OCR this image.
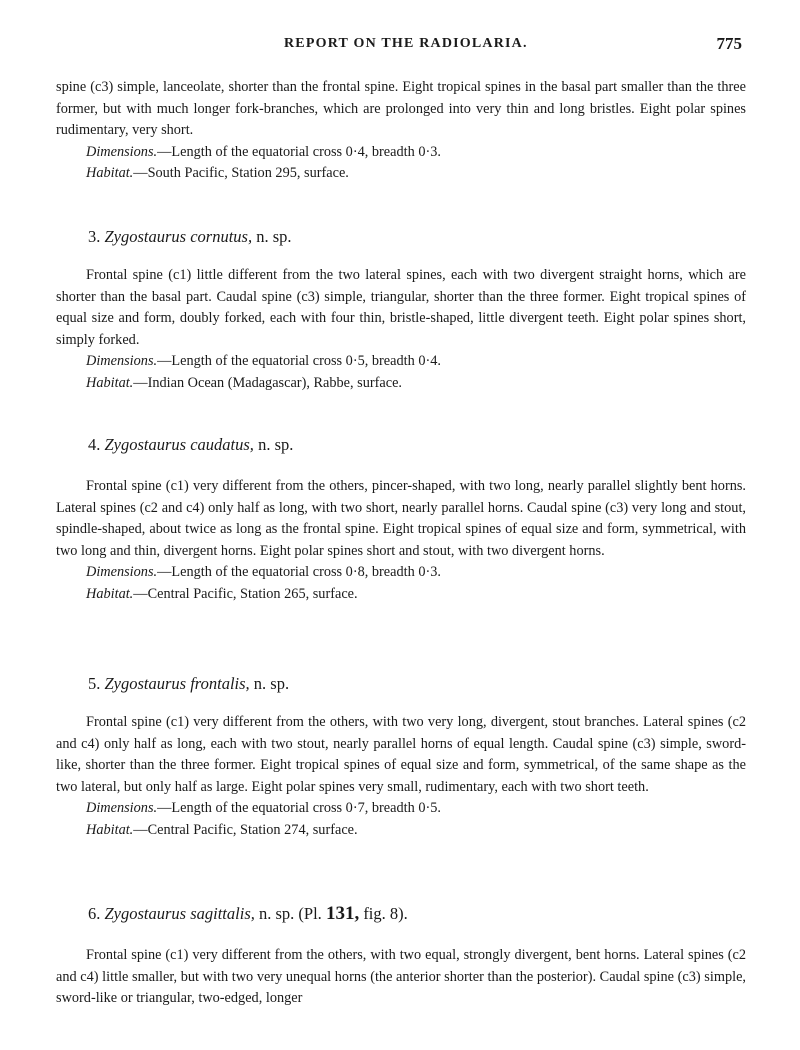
REPORT ON THE RADIOLARIA.	775

spine (c3) simple, lanceolate, shorter than the frontal spine. Eight tropical spines in the basal part smaller than the three former, but with much longer fork-branches, which are prolonged into very thin and long bristles. Eight polar spines rudimentary, very short.

Dimensions.—Length of the equatorial cross 0·4, breadth 0·3.
Habitat.—South Pacific, Station 295, surface.
3. Zygostaurus cornutus, n. sp.

Frontal spine (c1) little different from the two lateral spines, each with two divergent straight horns, which are shorter than the basal part. Caudal spine (c3) simple, triangular, shorter than the three former. Eight tropical spines of equal size and form, doubly forked, each with four thin, bristle-shaped, little divergent teeth. Eight polar spines short, simply forked.

Dimensions.—Length of the equatorial cross 0·5, breadth 0·4.
Habitat.—Indian Ocean (Madagascar), Rabbe, surface.
4. Zygostaurus caudatus, n. sp.

Frontal spine (c1) very different from the others, pincer-shaped, with two long, nearly parallel slightly bent horns. Lateral spines (c2 and c4) only half as long, with two short, nearly parallel horns. Caudal spine (c3) very long and stout, spindle-shaped, about twice as long as the frontal spine. Eight tropical spines of equal size and form, symmetrical, with two long and thin, divergent horns. Eight polar spines short and stout, with two divergent horns.

Dimensions.—Length of the equatorial cross 0·8, breadth 0·3.
Habitat.—Central Pacific, Station 265, surface.
5. Zygostaurus frontalis, n. sp.

Frontal spine (c1) very different from the others, with two very long, divergent, stout branches. Lateral spines (c2 and c4) only half as long, each with two stout, nearly parallel horns of equal length. Caudal spine (c3) simple, sword-like, shorter than the three former. Eight tropical spines of equal size and form, symmetrical, of the same shape as the two lateral, but only half as large. Eight polar spines very small, rudimentary, each with two short teeth.

Dimensions.—Length of the equatorial cross 0·7, breadth 0·5.
Habitat.—Central Pacific, Station 274, surface.
6. Zygostaurus sagittalis, n. sp. (Pl. 131, fig. 8).

Frontal spine (c1) very different from the others, with two equal, strongly divergent, bent horns. Lateral spines (c2 and c4) little smaller, but with two very unequal horns (the anterior shorter than the posterior). Caudal spine (c3) simple, sword-like or triangular, two-edged, longer
